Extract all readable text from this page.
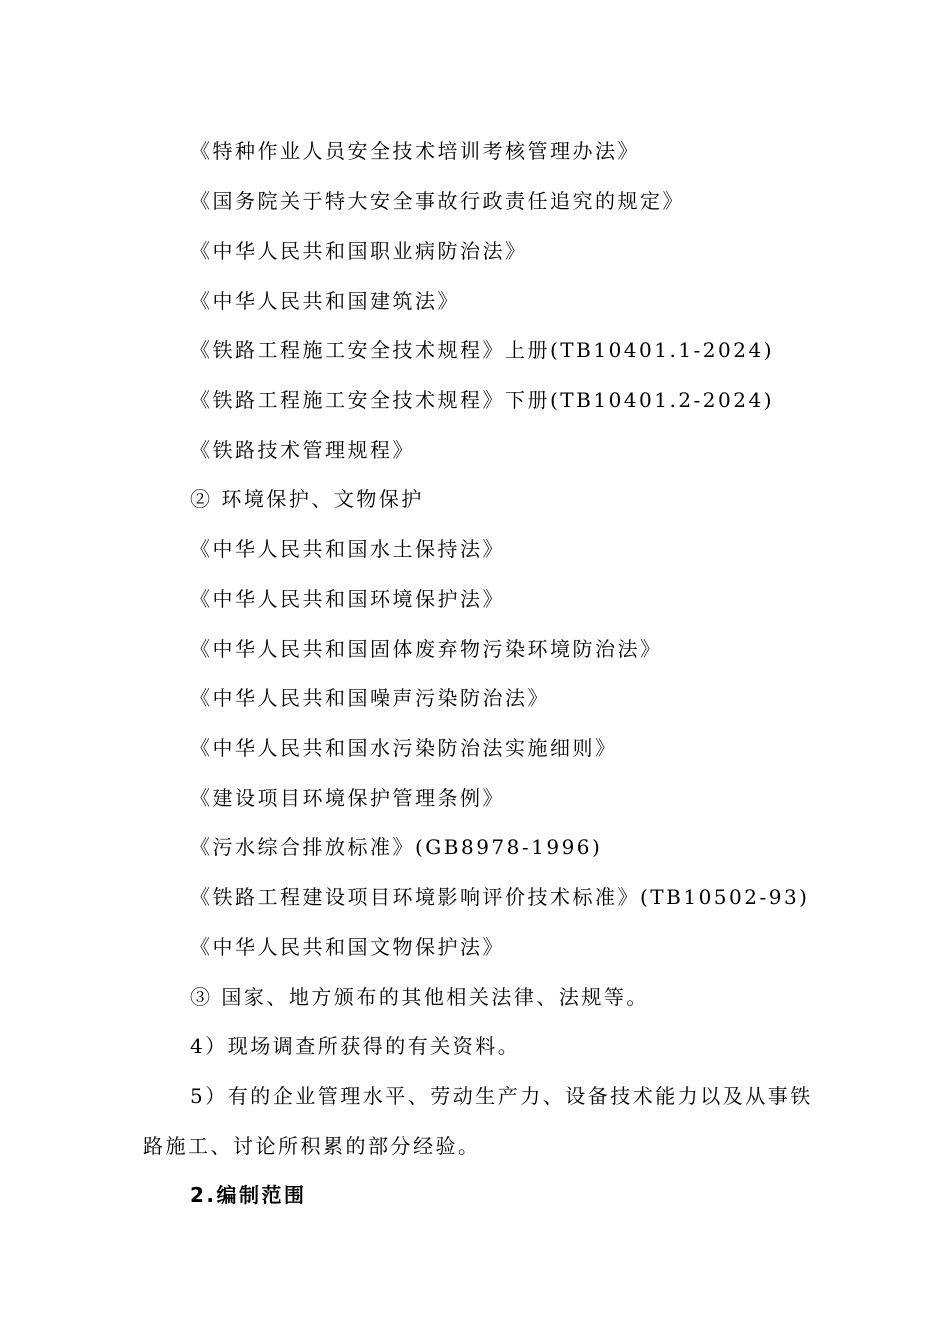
《特种作业人员安全技术培训考核管理办法》
《国务院关于特大安全事故行政责任追究的规定》
《中华人民共和国职业病防治法》
《中华人民共和国建筑法》
《铁路工程施工安全技术规程》上册(TB10401.1-2024)
《铁路工程施工安全技术规程》下册(TB10401.2-2024)
《铁路技术管理规程》
② 环境保护、文物保护
《中华人民共和国水土保持法》
《中华人民共和国环境保护法》
《中华人民共和国固体废弃物污染环境防治法》
《中华人民共和国噪声污染防治法》
《中华人民共和国水污染防治法实施细则》
《建设项目环境保护管理条例》
《污水综合排放标准》(GB8978-1996)
《铁路工程建设项目环境影响评价技术标准》(TB10502-93)
《中华人民共和国文物保护法》
③ 国家、地方颁布的其他相关法律、法规等。
4）现场调查所获得的有关资料。
5）有的企业管理水平、劳动生产力、设备技术能力以及从事铁
路施工、讨论所积累的部分经验。
2.编制范围
